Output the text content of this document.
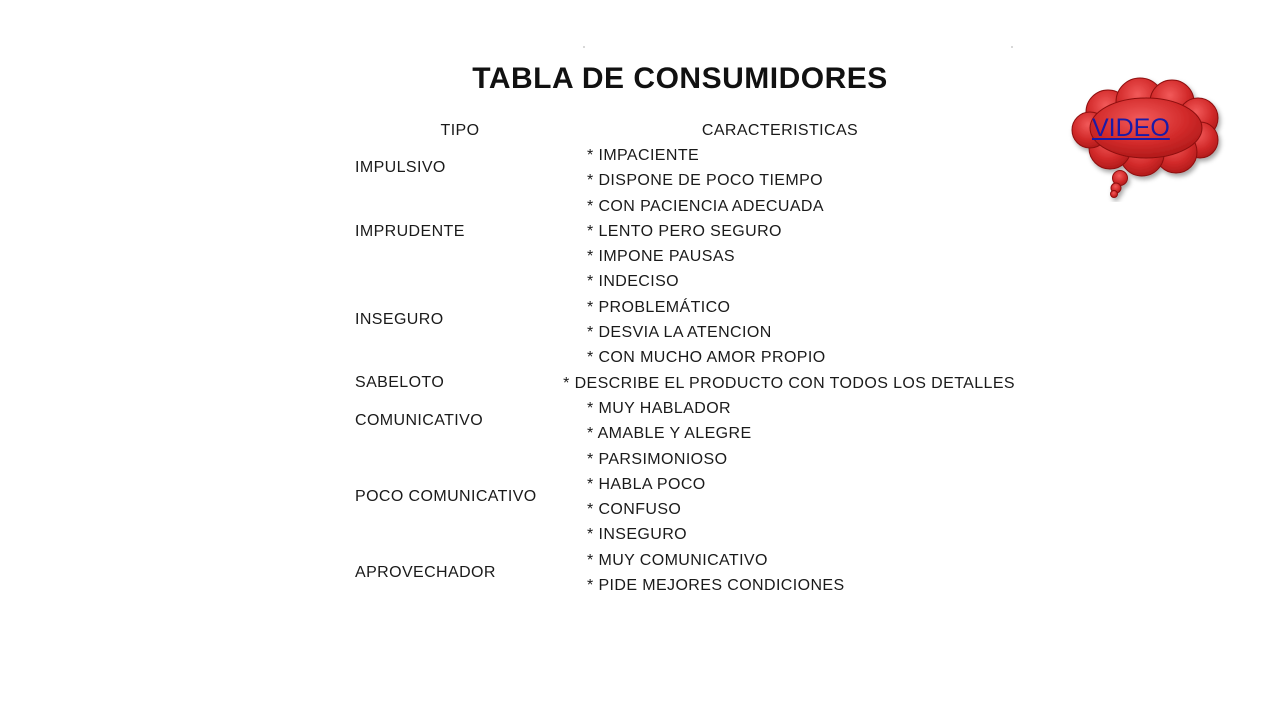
TABLA DE CONSUMIDORES
TIPO	CARACTERISTICAS
IMPULSIVO
* IMPACIENTE
* DISPONE DE POCO TIEMPO
IMPRUDENTE
* CON PACIENCIA ADECUADA
* LENTO PERO SEGURO
* IMPONE PAUSAS
INSEGURO
* INDECISO
* PROBLEMÁTICO
* DESVIA LA ATENCION
* CON MUCHO AMOR PROPIO
SABELOTO	* DESCRIBE EL PRODUCTO CON TODOS LOS DETALLES
COMUNICATIVO
* MUY HABLADOR
* AMABLE Y ALEGRE
POCO COMUNICATIVO
* PARSIMONIOSO
* HABLA POCO
* CONFUSO
* INSEGURO
APROVECHADOR
* MUY COMUNICATIVO
* PIDE MEJORES CONDICIONES
VIDEO
